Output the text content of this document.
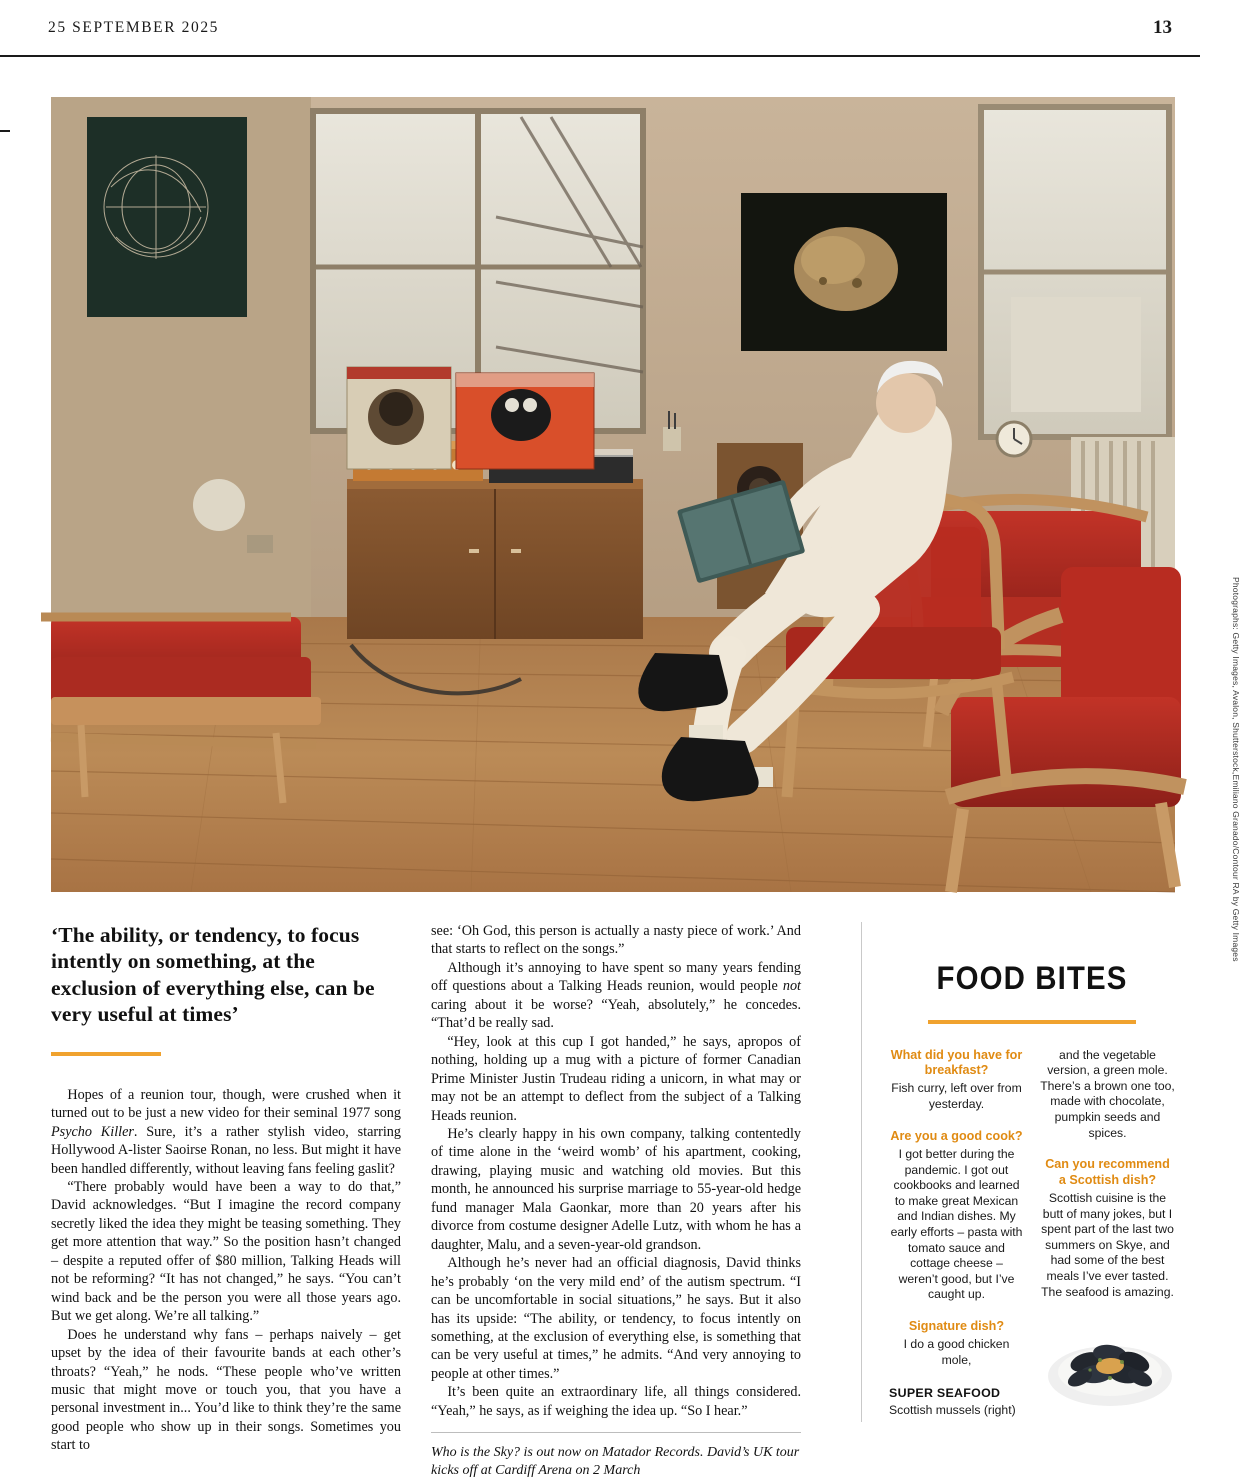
25 SEPTEMBER 2025	13
Photographs: Getty Images, Avalon, Shutterstock,Emiliano Granado/Contour RA by Getty Images
‘The ability, or tendency, to focus intently on something, at the exclusion of everything else, can be very useful at times’

Hopes of a reunion tour, though, were crushed when it turned out to be just a new video for their seminal 1977 song Psycho Killer. Sure, it’s a rather stylish video, starring Hollywood A-lister Saoirse Ronan, no less. But might it have been handled differently, without leaving fans feeling gaslit?

“There probably would have been a way to do that,” David acknowledges. “But I imagine the record company secretly liked the idea they might be teasing something. They get more attention that way.” So the position hasn’t changed – despite a reputed offer of $80 million, Talking Heads will not be reforming? “It has not changed,” he says. “You can’t wind back and be the person you were all those years ago. But we get along. We’re all talking.”

Does he understand why fans – perhaps naively – get upset by the idea of their favourite bands at each other’s throats? “Yeah,” he nods. “These people who’ve written music that might move or touch you, that you have a personal investment in... You’d like to think they’re the same good people who show up in their songs. Sometimes you start to

see: ‘Oh God, this person is actually a nasty piece of work.’ And that starts to reflect on the songs.”

Although it’s annoying to have spent so many years fending off questions about a Talking Heads reunion, would people not caring about it be worse? “Yeah, absolutely,” he concedes. “That’d be really sad.

“Hey, look at this cup I got handed,” he says, apropos of nothing, holding up a mug with a picture of former Canadian Prime Minister Justin Trudeau riding a unicorn, in what may or may not be an attempt to deflect from the subject of a Talking Heads reunion.

He’s clearly happy in his own company, talking contentedly of time alone in the ‘weird womb’ of his apartment, cooking, drawing, playing music and watching old movies. But this month, he announced his surprise marriage to 55-year-old hedge fund manager Mala Gaonkar, more than 20 years after his divorce from costume designer Adelle Lutz, with whom he has a daughter, Malu, and a seven-year-old grandson.

Although he’s never had an official diagnosis, David thinks he’s probably ‘on the very mild end’ of the autism spectrum. “I can be uncomfortable in social situations,” he says. But it also has its upside: “The ability, or tendency, to focus intently on something, at the exclusion of everything else, is something that can be very useful at times,” he admits. “And very annoying to people at other times.”

It’s been quite an extraordinary life, all things considered. “Yeah,” he says, as if weighing the idea up. “So I hear.”

Who is the Sky? is out now on Matador Records. David’s UK tour kicks off at Cardiff Arena on 2 March
FOOD BITES
What did you have for breakfast?
Fish curry, left over from yesterday.
Are you a good cook?
I got better during the pandemic. I got out cookbooks and learned to make great Mexican and Indian dishes. My early efforts – pasta with tomato sauce and cottage cheese – weren’t good, but I’ve caught up.
Signature dish?
I do a good chicken mole,
SUPER SEAFOOD
Scottish mussels (right)
and the vegetable version, a green mole. There’s a brown one too, made with chocolate, pumpkin seeds and spices.
Can you recommend a Scottish dish?
Scottish cuisine is the butt of many jokes, but I spent part of the last two summers on Skye, and had some of the best meals I’ve ever tasted. The seafood is amazing.
